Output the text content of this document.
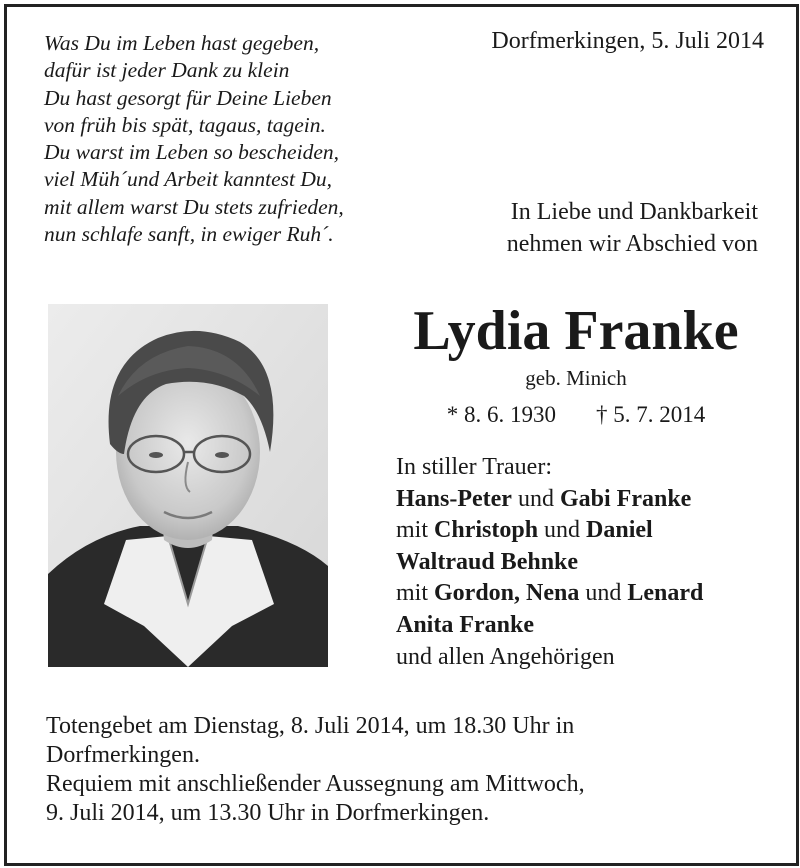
Was Du im Leben hast gegeben,
dafür ist jeder Dank zu klein
Du hast gesorgt für Deine Lieben
von früh bis spät, tagaus, tagein.
Du warst im Leben so bescheiden,
viel Müh´und Arbeit kanntest Du,
mit allem warst Du stets zufrieden,
nun schlafe sanft, in ewiger Ruh´.
Dorfmerkingen, 5. Juli 2014
In Liebe und Dankbarkeit
nehmen wir Abschied von
Lydia Franke
geb. Minich
* 8. 6. 1930 † 5. 7. 2014
In stiller Trauer:
Hans-Peter und Gabi Franke
mit Christoph und Daniel
Waltraud Behnke
mit Gordon, Nena und Lenard
Anita Franke
und allen Angehörigen
Totengebet am Dienstag, 8. Juli 2014, um 18.30 Uhr in
Dorfmerkingen.
Requiem mit anschließender Aussegnung am Mittwoch,
9. Juli 2014, um 13.30 Uhr in Dorfmerkingen.
